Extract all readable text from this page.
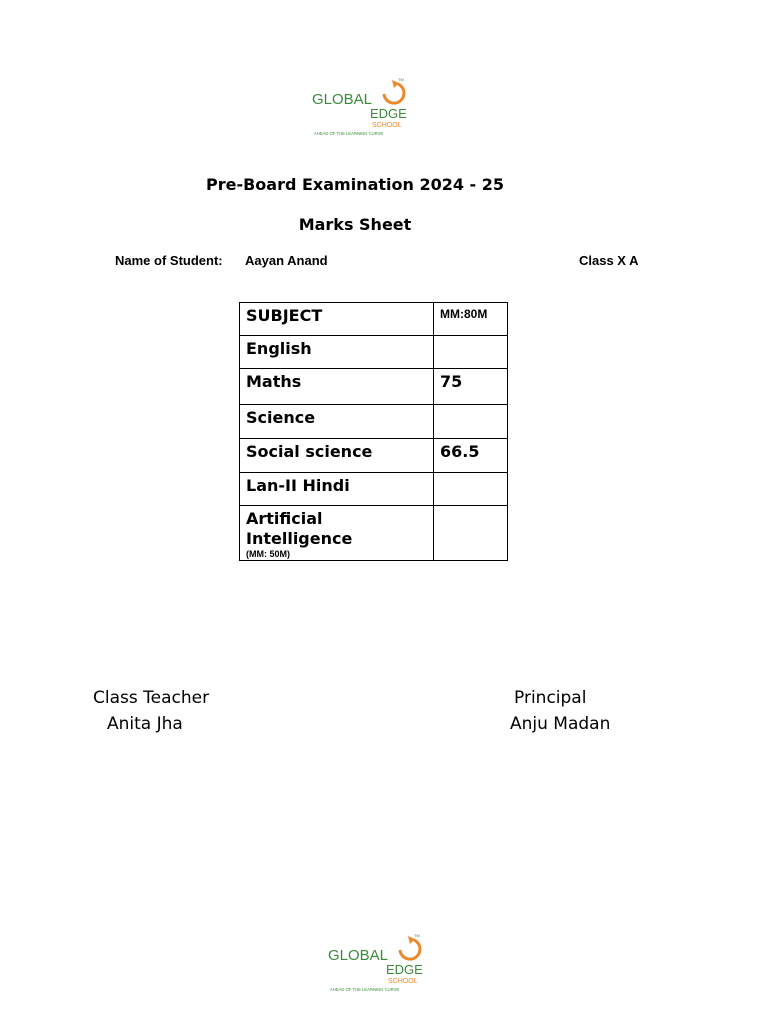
TM
GLOBAL
EDGE
SCHOOL
AHEAD OF THE LEARNING CURVE
Pre-Board Examination 2024 - 25
Marks Sheet
Name of Student: Aayan Anand	Class X A
SUBJECT	MM:80M
English	
Maths	75
Science	
Social science	66.5
Lan-II Hindi	
Artificial Intelligence
(MM: 50M)	

Class Teacher
Anita Jha
Principal
Anju Madan
TM
GLOBAL
EDGE
SCHOOL
AHEAD OF THE LEARNING CURVE
